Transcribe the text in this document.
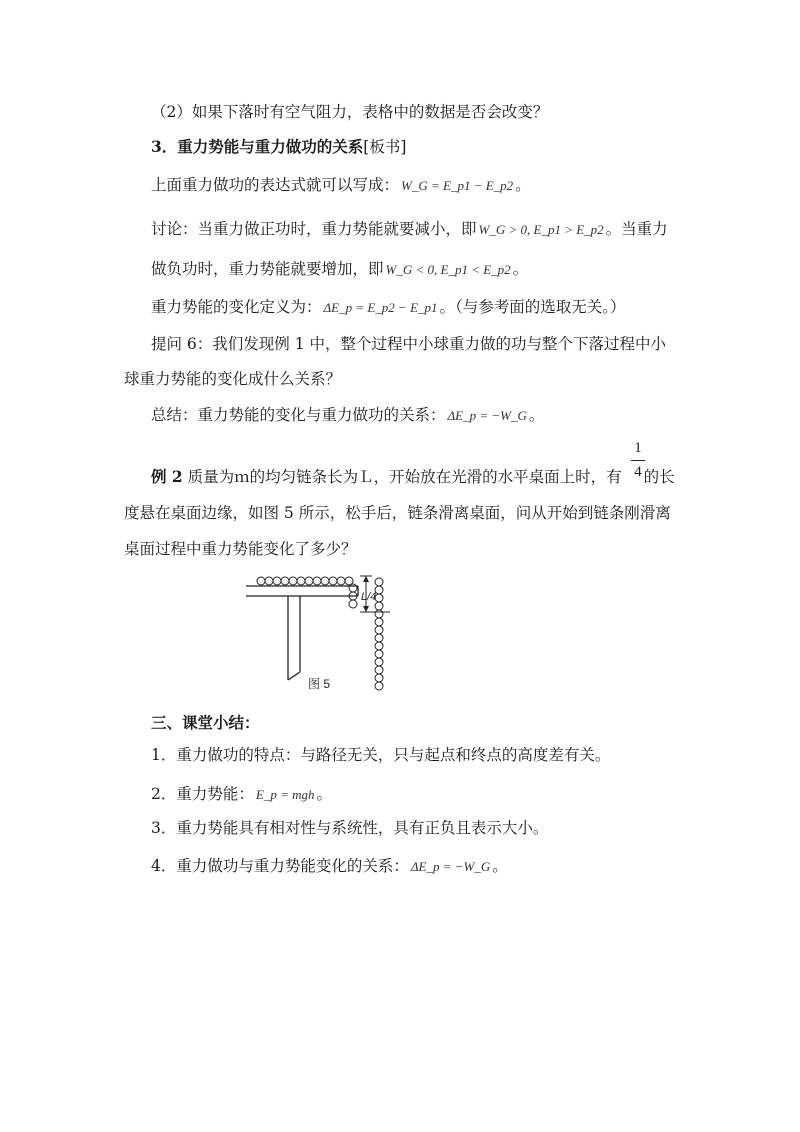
（2）如果下落时有空气阻力，表格中的数据是否会改变？
3．重力势能与重力做功的关系[板书]
上面重力做功的表达式就可以写成： W_G = E_p1 − E_p2 。
讨论：当重力做正功时，重力势能就要减小，即 W_G > 0, E_p1 > E_p2 。当重力
做负功时，重力势能就要增加，即 W_G < 0, E_p1 < E_p2 。
重力势能的变化定义为： ΔE_p = E_p2 − E_p1 。（与参考面的选取无关。）
提问 6：我们发现例 1 中，整个过程中小球重力做的功与整个下落过程中小
球重力势能的变化成什么关系？
总结：重力势能的变化与重力做功的关系： ΔE_p = −W_G 。
例 2 质量为ｍ的均匀链条长为Ｌ，开始放在光滑的水平桌面上时，有 的长
1
4
度悬在桌面边缘，如图 5 所示，松手后，链条滑离桌面，问从开始到链条刚滑离
桌面过程中重力势能变化了多少？
L/4
图 5
三、课堂小结：
1．重力做功的特点：与路径无关，只与起点和终点的高度差有关。
2．重力势能： E_p = mgh 。
3．重力势能具有相对性与系统性，具有正负且表示大小。
4．重力做功与重力势能变化的关系： ΔE_p = −W_G 。
